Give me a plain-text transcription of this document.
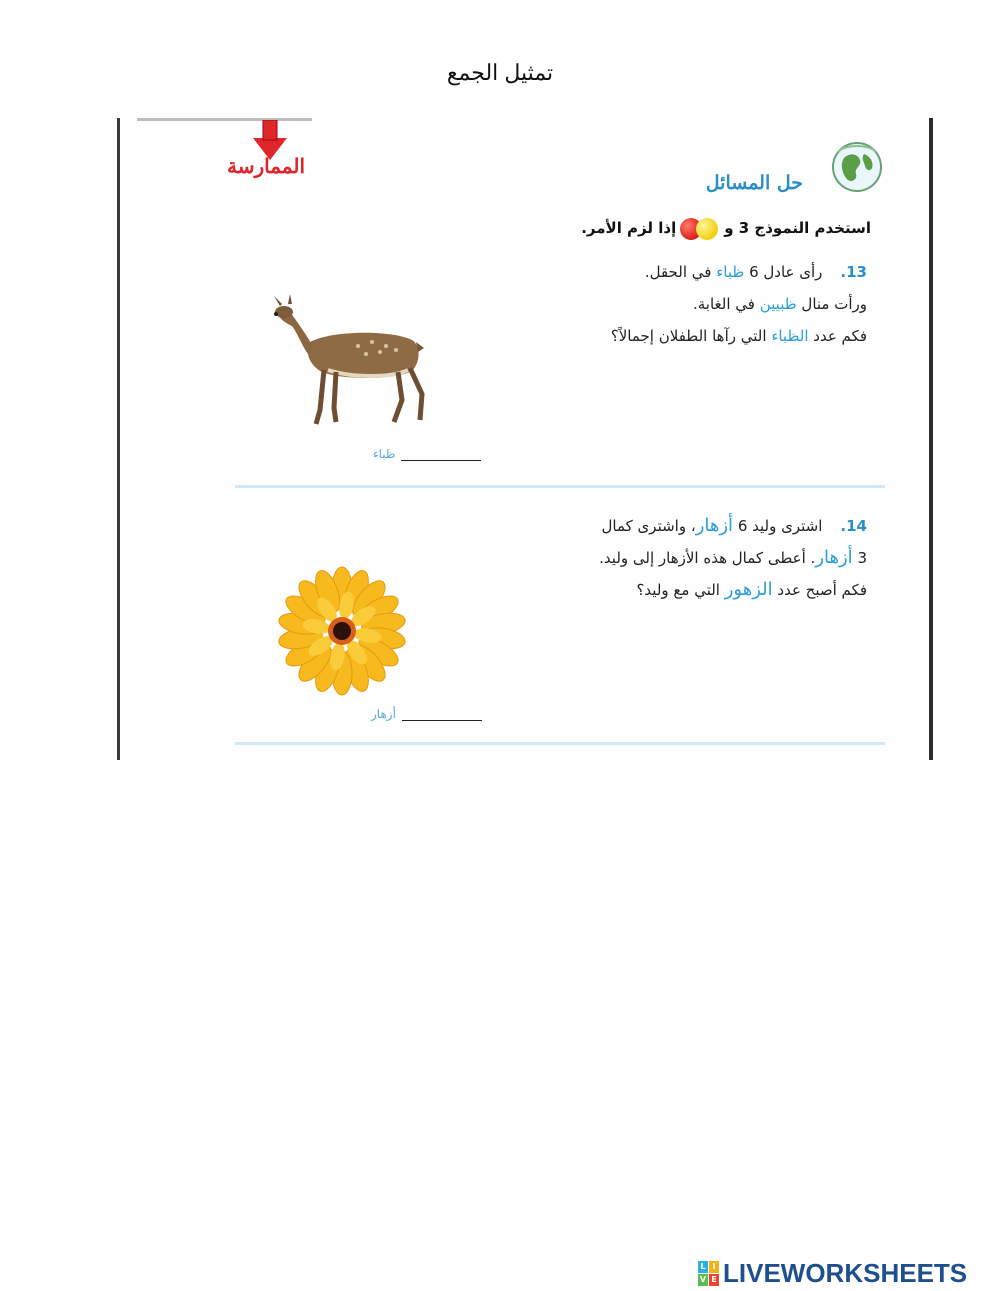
تمثيل الجمع
الممارسة
حل المسائل
استخدم النموذج 3 و
إذا لزم الأمر.
13.رأى عادل 6 ظباء في الحقل.
ورأت منال ظبيين في الغابة.
فكم عدد الظباء التي رآها الطفلان إجمالاً؟
ظباء
14.اشترى وليد 6 أزهار، واشترى كمال
3 أزهار. أعطى كمال هذه الأزهار إلى وليد.
فكم أصبح عدد الزهور التي مع وليد؟
أزهار
L I
V E LIVEWORKSHEETS
